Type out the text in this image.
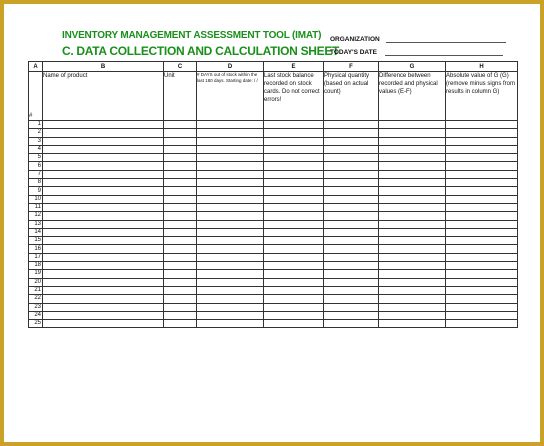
INVENTORY MANAGEMENT ASSESSMENT TOOL (IMAT)
C. DATA COLLECTION AND CALCULATION SHEET
ORGANIZATION
TODAY'S DATE
A	B	C	D	E	F	G	H
#	Name of product	Unit	# DAYS out of stock within the last 180 days. Starting date: / /	Last stock balance recorded on stock cards. Do not correct errors!	Physical quantity (based on actual count)	Difference between recorded and physical values (E-F)	Absolute value of G (G) (remove minus signs from results in column G)
1							
2							
3							
4							
5							
6							
7							
8							
9							
10							
11							
12							
13							
14							
15							
16							
17							
18							
19							
20							
21							
22							
23							
24							
25							
